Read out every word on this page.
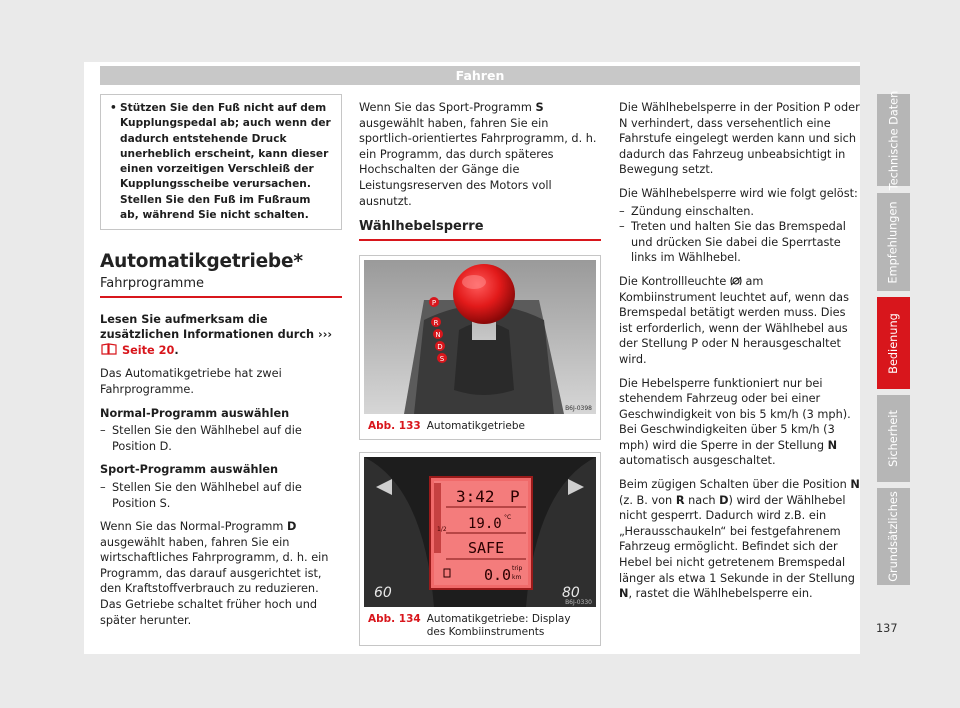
Fahren
• Stützen Sie den Fuß nicht auf dem Kupplungspedal ab; auch wenn der dadurch entstehende Druck unerheblich erscheint, kann dieser einen vorzeitigen Verschleiß der Kupplungsscheibe verursachen. Stellen Sie den Fuß im Fußraum ab, während Sie nicht schalten.
Automatikgetriebe*
Fahrprogramme

Lesen Sie aufmerksam die zusätzlichen Informationen durch ›››  Seite 20.

Das Automatikgetriebe hat zwei Fahrprogramme.

Normal-Programm auswählen
– Stellen Sie den Wählhebel auf die Position D.
Sport-Programm auswählen
– Stellen Sie den Wählhebel auf die Position S.

Wenn Sie das Normal-Programm D ausgewählt haben, fahren Sie ein wirtschaftliches Fahrprogramm, d. h. ein Programm, das darauf ausgerichtet ist, den Kraftstoffverbrauch zu reduzieren. Das Getriebe schaltet früher hoch und später herunter.

Wenn Sie das Sport-Programm S ausgewählt haben, fahren Sie ein sportlich-orientiertes Fahrprogramm, d. h. ein Programm, das durch späteres Hochschalten der Gänge die Leistungsreserven des Motors voll ausnutzt.

Wählhebelsperre
P
R
N
D
S
B6J-0398
Abb. 133 Automatikgetriebe
60	80
1/2
3:42 P
19.0 °C
SAFE
0.0 trip
km
B6J-0330
Abb. 134 Automatikgetriebe: Display des Kombiinstruments

Die Wählhebelsperre in der Position P oder N verhindert, dass versehentlich eine Fahrstufe eingelegt werden kann und sich dadurch das Fahrzeug unbeabsichtigt in Bewegung setzt.

Die Wählhebelsperre wird wie folgt gelöst:

– Zündung einschalten.
– Treten und halten Sie das Bremspedal und drücken Sie dabei die Sperrtaste links im Wählhebel.

Die Kontrollleuchte am Kombiinstrument leuchtet auf, wenn das Bremspedal betätigt werden muss. Dies ist erforderlich, wenn der Wählhebel aus der Stellung P oder N herausgeschaltet wird.

Die Hebelsperre funktioniert nur bei stehendem Fahrzeug oder bei einer Geschwindigkeit von bis 5 km/h (3 mph). Bei Geschwindigkeiten über 5 km/h (3 mph) wird die Sperre in der Stellung N automatisch ausgeschaltet.

Beim zügigen Schalten über die Position N (z. B. von R nach D) wird der Wählhebel nicht gesperrt. Dadurch wird z.B. ein „Herausschaukeln“ bei festgefahrenem Fahrzeug ermöglicht. Befindet sich der Hebel bei nicht getretenem Bremspedal länger als etwa 1 Sekunde in der Stellung N, rastet die Wählhebelsperre ein.

Technische Daten
Empfehlungen
Bedienung
Sicherheit
Grundsätzliches
137
